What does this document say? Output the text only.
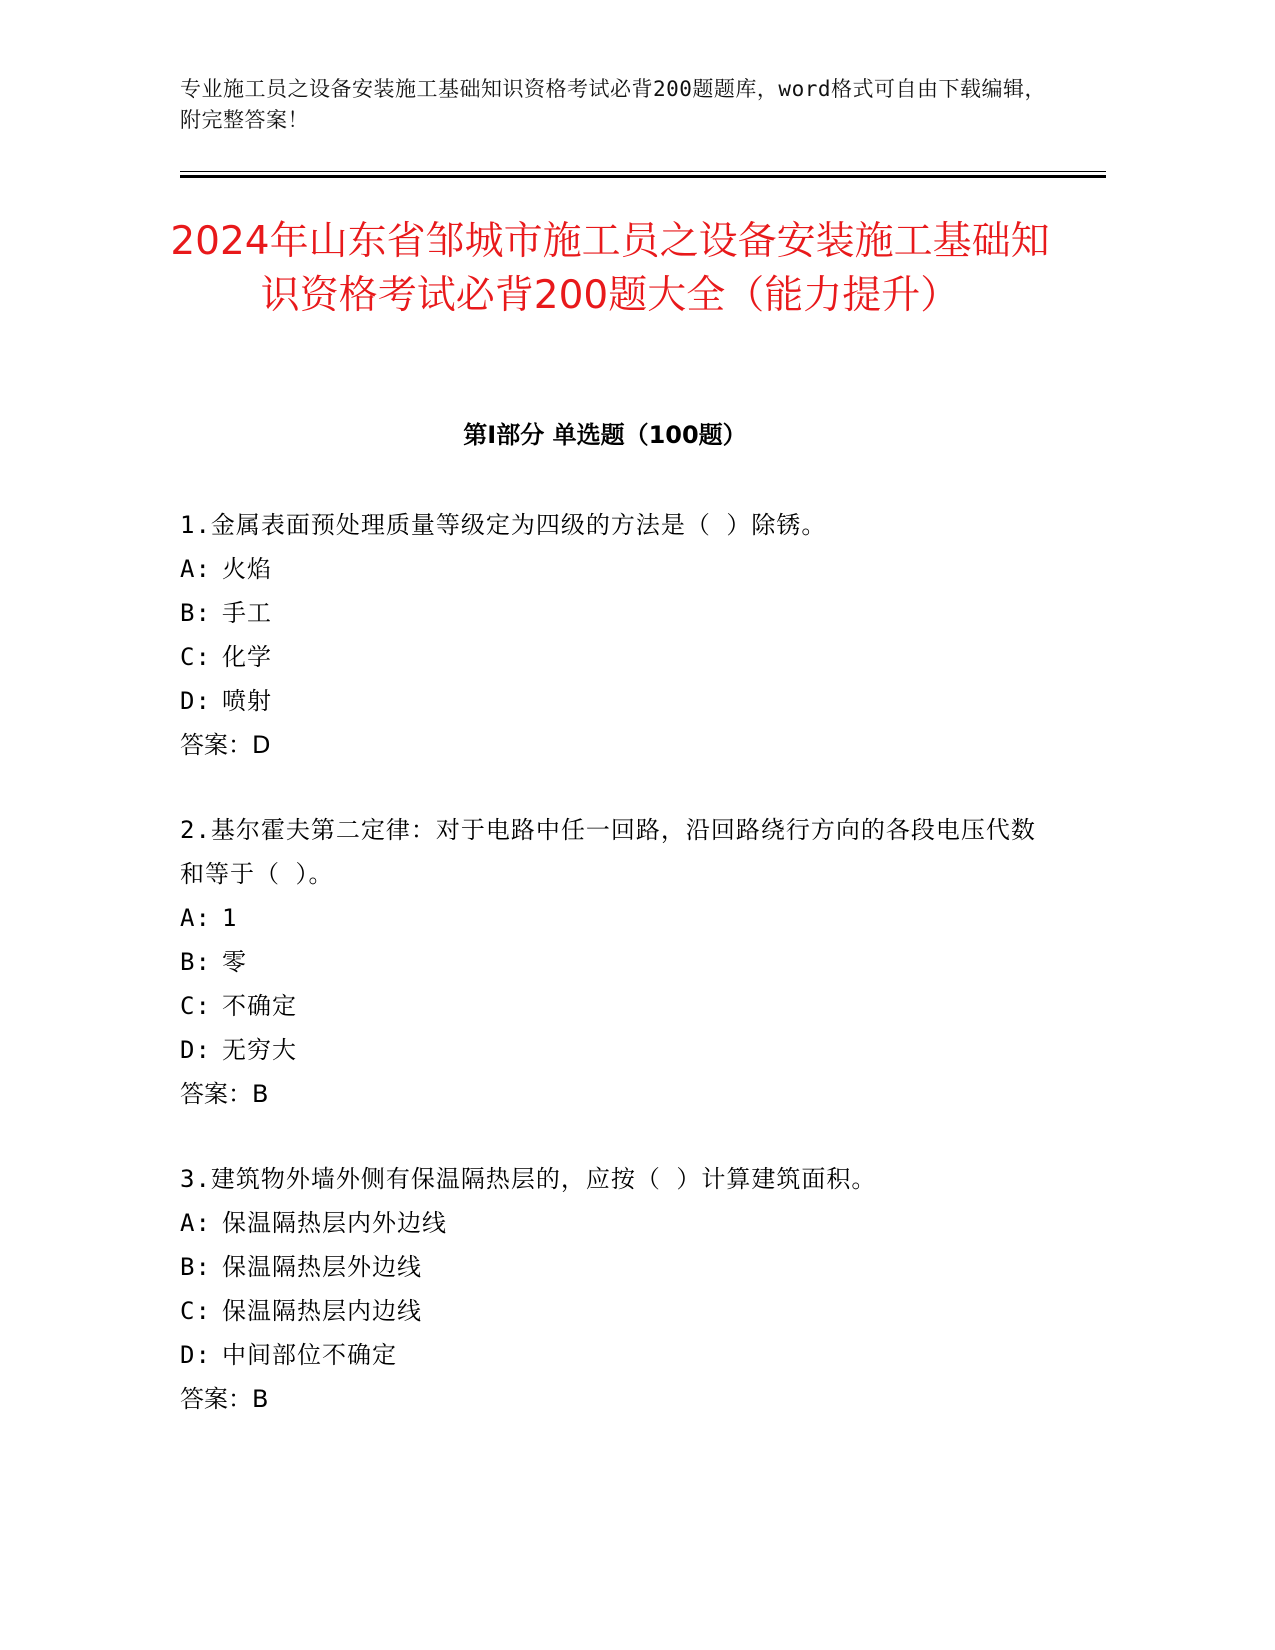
专业施工员之设备安装施工基础知识资格考试必背200题题库，word格式可自由下载编辑，附完整答案！
2024年山东省邹城市施工员之设备安装施工基础知识资格考试必背200题大全（能力提升）
第Ⅰ部分 单选题（100题）

1.金属表面预处理质量等级定为四级的方法是（ ）除锈。

A: 火焰
B: 手工
C: 化学
D: 喷射

答案：D

2.基尔霍夫第二定律：对于电路中任一回路，沿回路绕行方向的各段电压代数和等于（ ）。

A: 1
B: 零
C: 不确定
D: 无穷大

答案：B

3.建筑物外墙外侧有保温隔热层的，应按（ ）计算建筑面积。

A: 保温隔热层内外边线
B: 保温隔热层外边线
C: 保温隔热层内边线
D: 中间部位不确定

答案：B
